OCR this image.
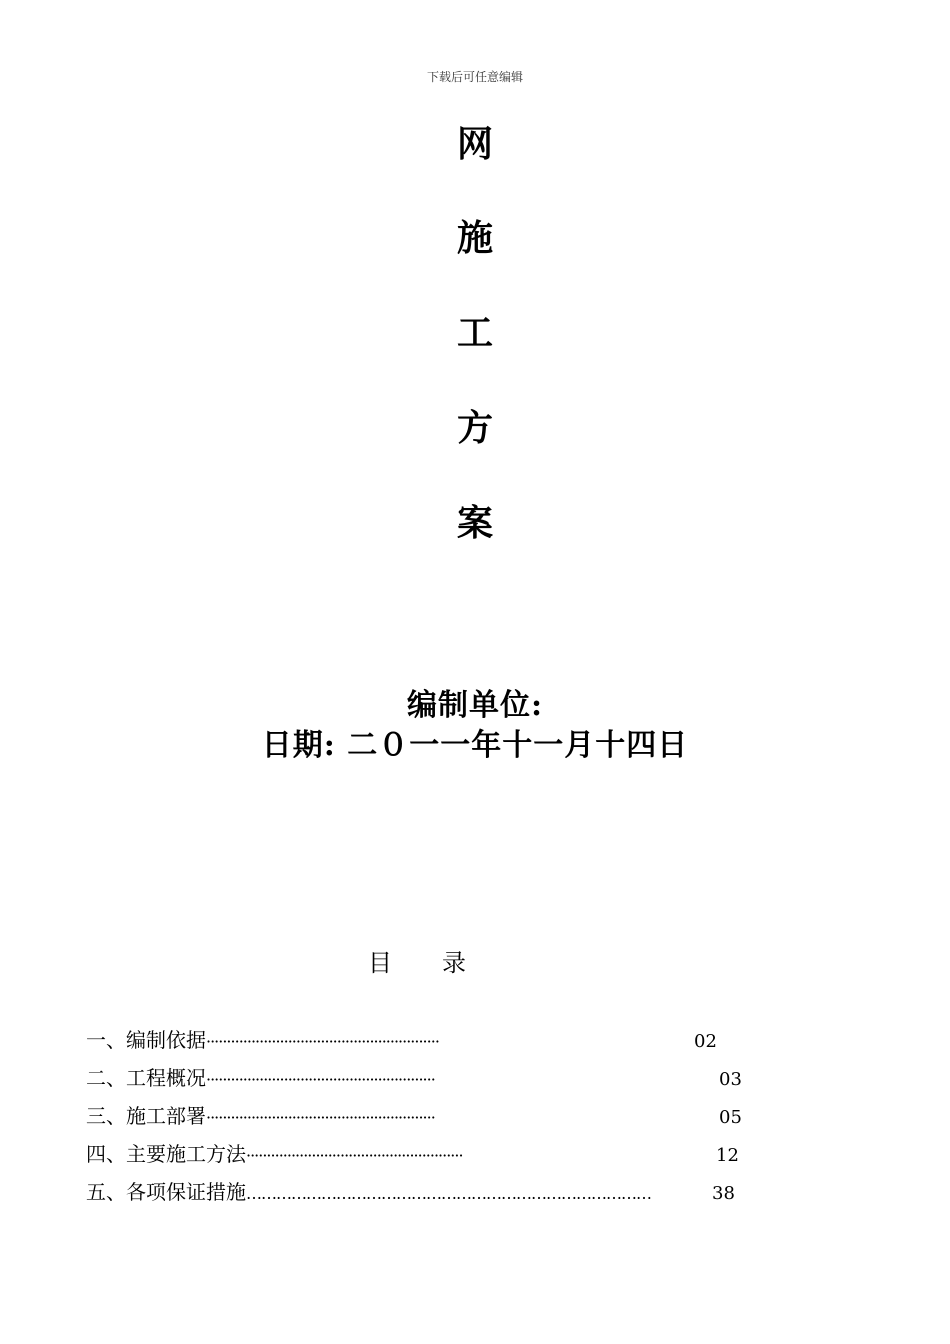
下载后可任意编辑
网
施
工
方
案
编制单位:
日期: 二０一一年十一月十四日
目 录
一、编制依据 ·························································	02
二、工程概况 ························································	03
三、施工部署 ························································	05
四、主要施工方法 ·····················································	12
五、各项保证措施 ………………………………………………………………………	38
